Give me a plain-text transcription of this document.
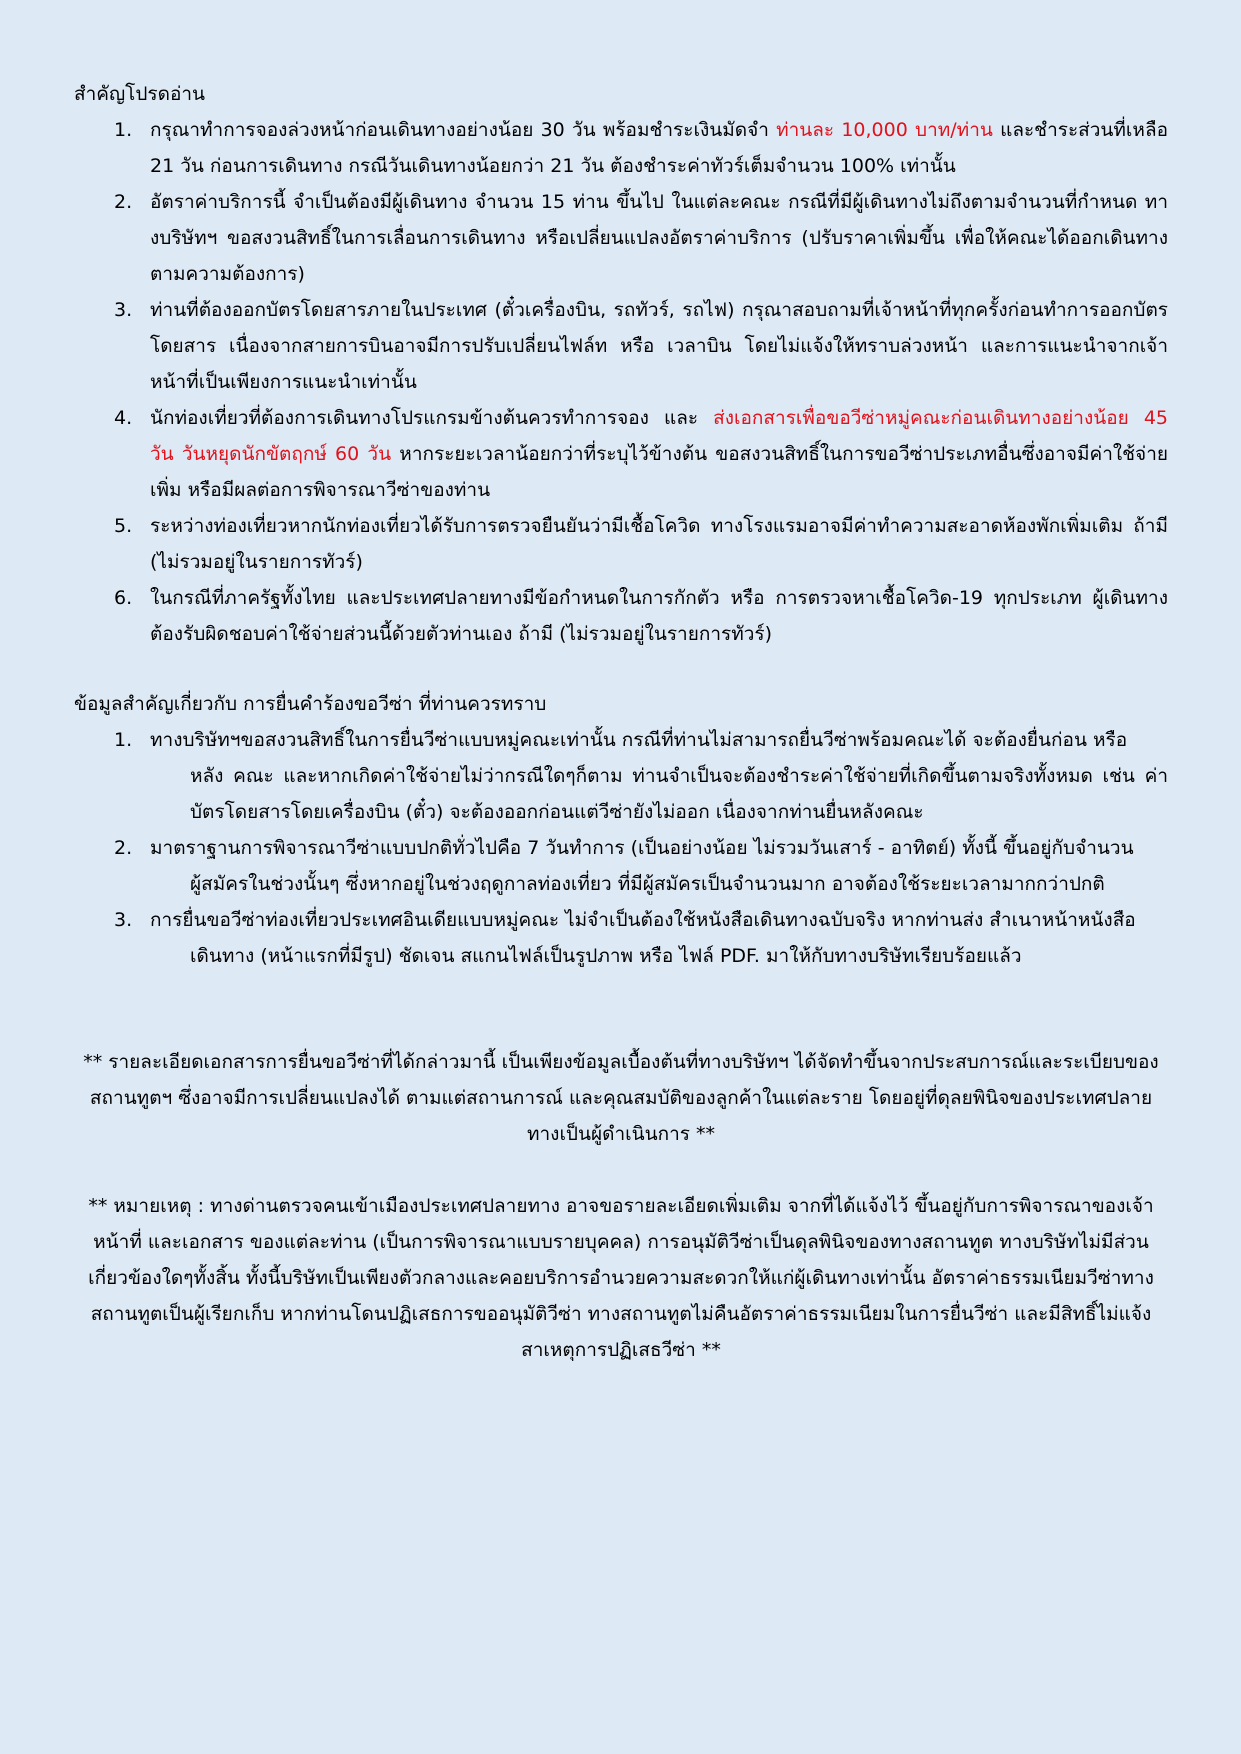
สำคัญโปรดอ่าน

1. กรุณาทำการจองล่วงหน้าก่อนเดินทางอย่างน้อย 30 วัน พร้อมชำระเงินมัดจำ ท่านละ 10,000 บาท/ท่าน และชำระส่วนที่เหลือ 21 วัน ก่อนการเดินทาง กรณีวันเดินทางน้อยกว่า 21 วัน ต้องชำระค่าทัวร์เต็มจำนวน 100% เท่านั้น
2. อัตราค่าบริการนี้ จำเป็นต้องมีผู้เดินทาง จำนวน 15 ท่าน ขึ้นไป ในแต่ละคณะ กรณีที่มีผู้เดินทางไม่ถึงตามจำนวนที่กำหนด ทางบริษัทฯ ขอสงวนสิทธิ์ในการเลื่อนการเดินทาง หรือเปลี่ยนแปลงอัตราค่าบริการ (ปรับราคาเพิ่มขึ้น เพื่อให้คณะได้ออกเดินทางตามความต้องการ)
3. ท่านที่ต้องออกบัตรโดยสารภายในประเทศ (ตั๋วเครื่องบิน, รถทัวร์, รถไฟ) กรุณาสอบถามที่เจ้าหน้าที่ทุกครั้งก่อนทำการออกบัตรโดยสาร เนื่องจากสายการบินอาจมีการปรับเปลี่ยนไฟล์ท หรือ เวลาบิน โดยไม่แจ้งให้ทราบล่วงหน้า และการแนะนำจากเจ้าหน้าที่เป็นเพียงการแนะนำเท่านั้น
4. นักท่องเที่ยวที่ต้องการเดินทางโปรแกรมข้างต้นควรทำการจอง และ ส่งเอกสารเพื่อขอวีซ่าหมู่คณะก่อนเดินทางอย่างน้อย 45 วัน วันหยุดนักขัตฤกษ์ 60 วัน หากระยะเวลาน้อยกว่าที่ระบุไว้ข้างต้น ขอสงวนสิทธิ์ในการขอวีซ่าประเภทอื่นซึ่งอาจมีค่าใช้จ่ายเพิ่ม หรือมีผลต่อการพิจารณาวีซ่าของท่าน
5. ระหว่างท่องเที่ยวหากนักท่องเที่ยวได้รับการตรวจยืนยันว่ามีเชื้อโควิด ทางโรงแรมอาจมีค่าทำความสะอาดห้องพักเพิ่มเติม ถ้ามี (ไม่รวมอยู่ในรายการทัวร์)
6. ในกรณีที่ภาครัฐทั้งไทย และประเทศปลายทางมีข้อกำหนดในการกักตัว หรือ การตรวจหาเชื้อโควิด-19 ทุกประเภท ผู้เดินทางต้องรับผิดชอบค่าใช้จ่ายส่วนนี้ด้วยตัวท่านเอง ถ้ามี (ไม่รวมอยู่ในรายการทัวร์)

ข้อมูลสำคัญเกี่ยวกับ การยื่นคำร้องขอวีซ่า ที่ท่านควรทราบ

1. ทางบริษัทฯขอสงวนสิทธิ์ในการยื่นวีซ่าแบบหมู่คณะเท่านั้น กรณีที่ท่านไม่สามารถยื่นวีซ่าพร้อมคณะได้ จะต้องยื่นก่อน หรือ
หลัง คณะ และหากเกิดค่าใช้จ่ายไม่ว่ากรณีใดๆก็ตาม ท่านจำเป็นจะต้องชำระค่าใช้จ่ายที่เกิดขึ้นตามจริงทั้งหมด เช่น ค่าบัตรโดยสารโดยเครื่องบิน (ตั๋ว) จะต้องออกก่อนแต่วีซ่ายังไม่ออก เนื่องจากท่านยื่นหลังคณะ
2. มาตราฐานการพิจารณาวีซ่าแบบปกติทั่วไปคือ 7 วันทำการ (เป็นอย่างน้อย ไม่รวมวันเสาร์ - อาทิตย์) ทั้งนี้ ขึ้นอยู่กับจำนวน
ผู้สมัครในช่วงนั้นๆ ซึ่งหากอยู่ในช่วงฤดูกาลท่องเที่ยว ที่มีผู้สมัครเป็นจำนวนมาก อาจต้องใช้ระยะเวลามากกว่าปกติ
3. การยื่นขอวีซ่าท่องเที่ยวประเทศอินเดียแบบหมู่คณะ ไม่จำเป็นต้องใช้หนังสือเดินทางฉบับจริง หากท่านส่ง สำเนาหน้าหนังสือ
เดินทาง (หน้าแรกที่มีรูป) ชัดเจน สแกนไฟล์เป็นรูปภาพ หรือ ไฟล์ PDF. มาให้กับทางบริษัทเรียบร้อยแล้ว

** รายละเอียดเอกสารการยื่นขอวีซ่าที่ได้กล่าวมานี้ เป็นเพียงข้อมูลเบื้องต้นที่ทางบริษัทฯ ได้จัดทำขึ้นจากประสบการณ์และระเบียบของสถานทูตฯ ซึ่งอาจมีการเปลี่ยนแปลงได้ ตามแต่สถานการณ์ และคุณสมบัติของลูกค้าในแต่ละราย โดยอยู่ที่ดุลยพินิจของประเทศปลายทางเป็นผู้ดำเนินการ **

** หมายเหตุ : ทางด่านตรวจคนเข้าเมืองประเทศปลายทาง อาจขอรายละเอียดเพิ่มเติม จากที่ได้แจ้งไว้ ขึ้นอยู่กับการพิจารณาของเจ้าหน้าที่ และเอกสาร ของแต่ละท่าน (เป็นการพิจารณาแบบรายบุคคล) การอนุมัติวีซ่าเป็นดุลพินิจของทางสถานทูต ทางบริษัทไม่มีส่วนเกี่ยวข้องใดๆทั้งสิ้น ทั้งนี้บริษัทเป็นเพียงตัวกลางและคอยบริการอำนวยความสะดวกให้แก่ผู้เดินทางเท่านั้น อัตราค่าธรรมเนียมวีซ่าทางสถานทูตเป็นผู้เรียกเก็บ หากท่านโดนปฏิเสธการขออนุมัติวีซ่า ทางสถานทูตไม่คืนอัตราค่าธรรมเนียมในการยื่นวีซ่า และมีสิทธิ์ไม่แจ้งสาเหตุการปฏิเสธวีซ่า **
